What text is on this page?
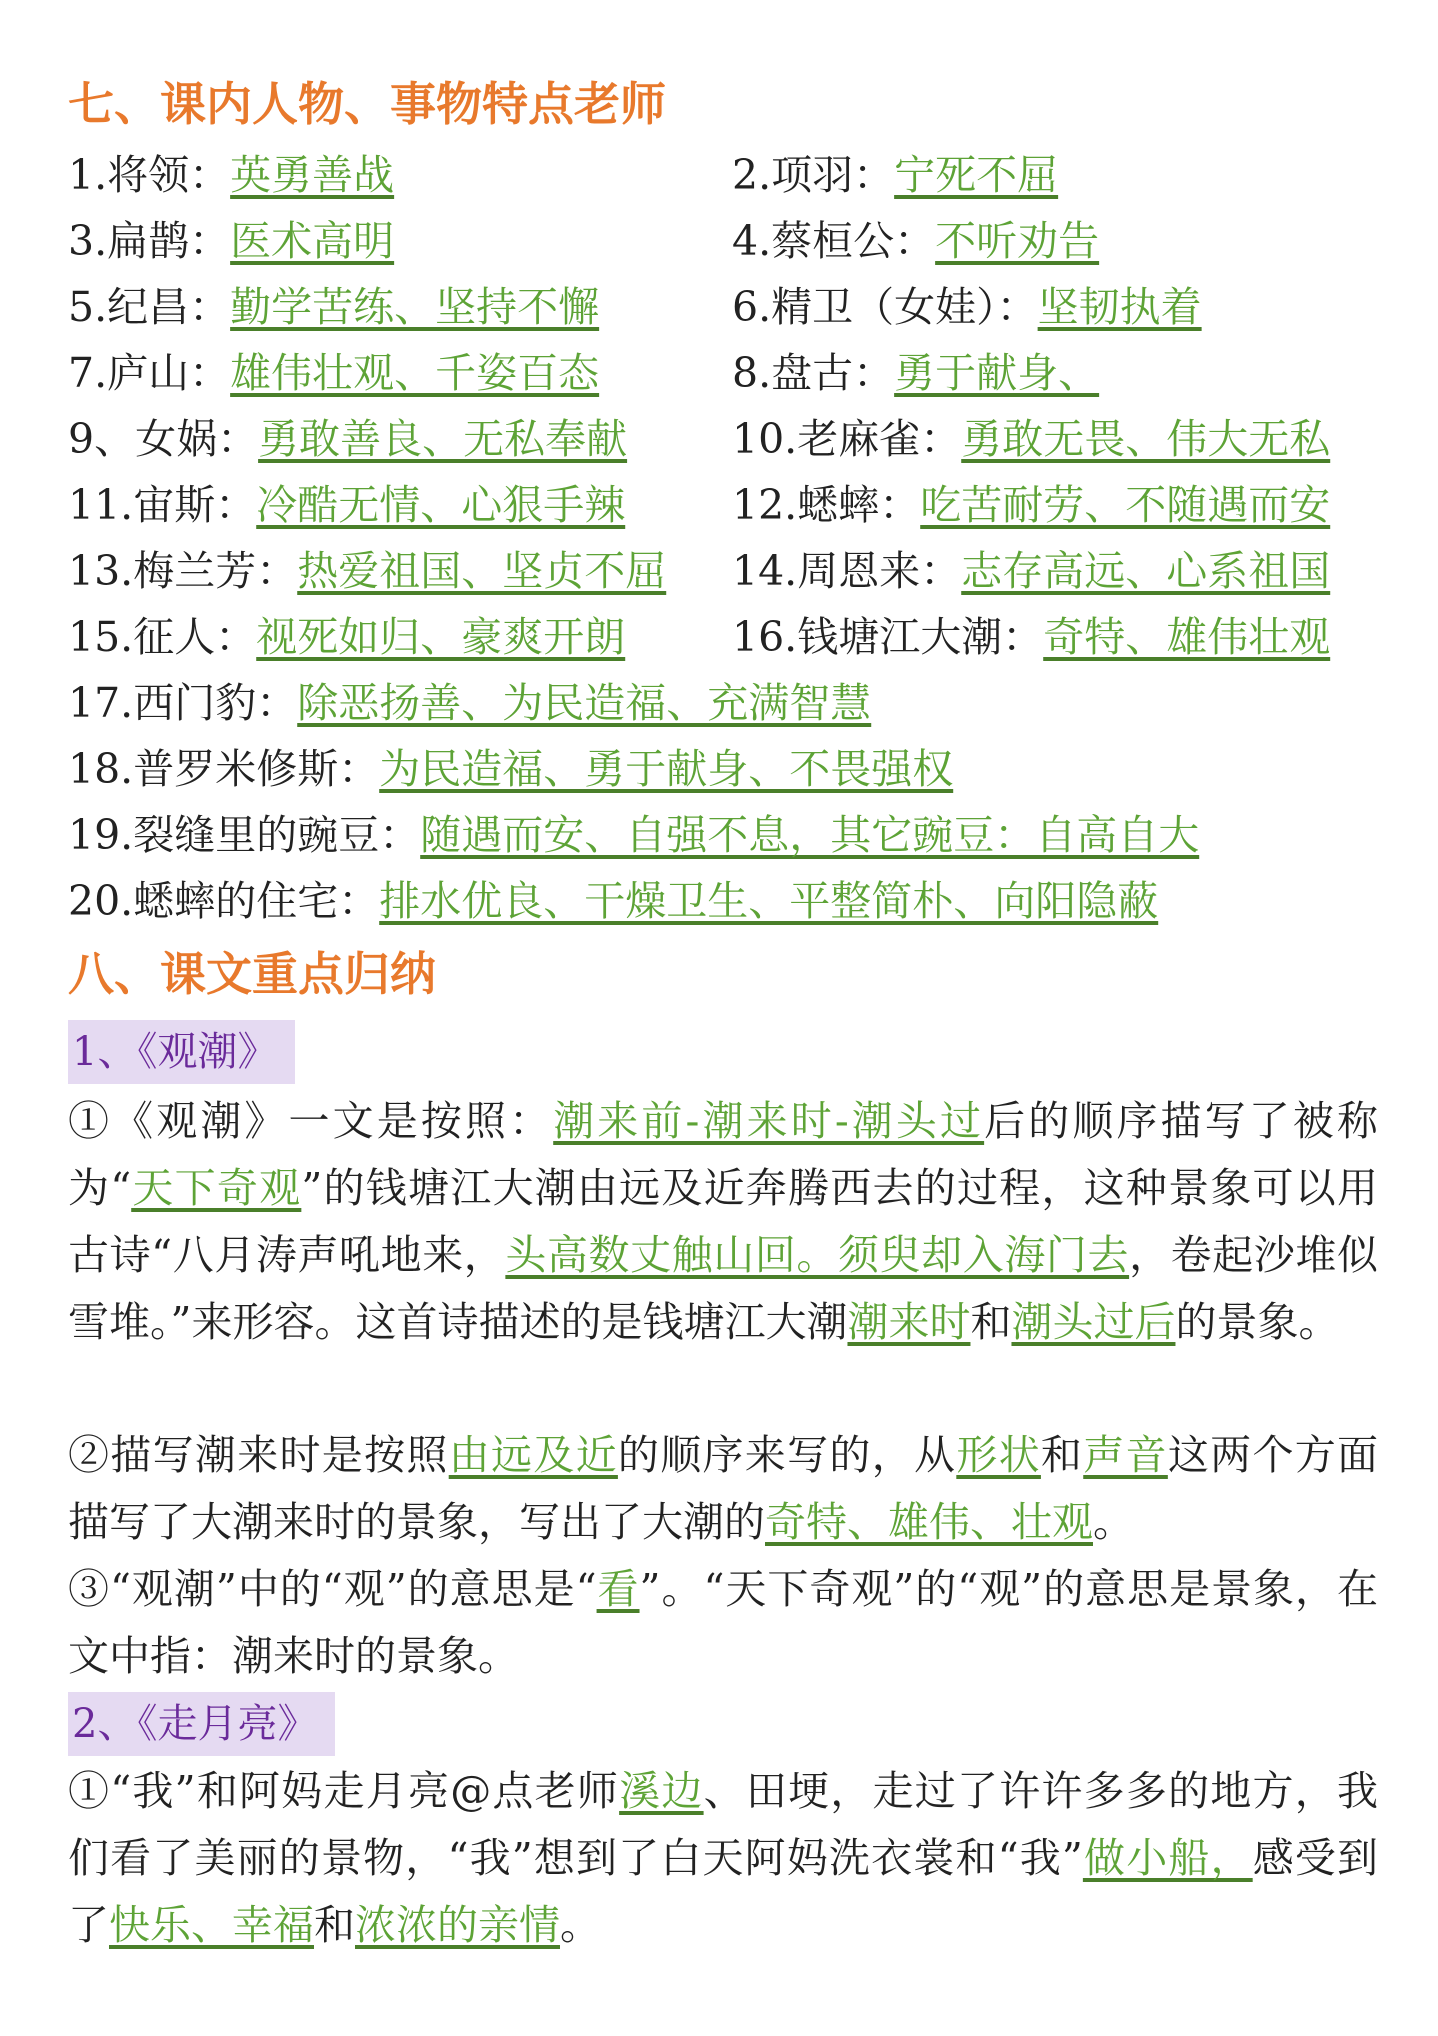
七、课内人物、事物特点老师
1.将领：英勇善战	2.项羽：宁死不屈
3.扁鹊：医术高明	4.蔡桓公：不听劝告
5.纪昌：勤学苦练、坚持不懈	6.精卫（女娃）：坚韧执着
7.庐山：雄伟壮观、千姿百态	8.盘古：勇于献身、
9、女娲：勇敢善良、无私奉献	10.老麻雀：勇敢无畏、伟大无私
11.宙斯：冷酷无情、心狠手辣	12.蟋蟀：吃苦耐劳、不随遇而安
13.梅兰芳：热爱祖国、坚贞不屈 14.周恩来：志存高远、心系祖国
15.征人：视死如归、豪爽开朗	16.钱塘江大潮：奇特、雄伟壮观
17.西门豹：除恶扬善、为民造福、充满智慧
18.普罗米修斯：为民造福、勇于献身、不畏强权
19.裂缝里的豌豆：随遇而安、自强不息，其它豌豆：自高自大
20.蟋蟀的住宅：排水优良、干燥卫生、平整简朴、向阳隐蔽
八、课文重点归纳
1、《观潮》

①《观潮》一文是按照：潮来前-潮来时-潮头过后的顺序描写了被称为“天下奇观”的钱塘江大潮由远及近奔腾西去的过程，这种景象可以用古诗“八月涛声吼地来，头高数丈触山回。须臾却入海门去，卷起沙堆似雪堆。”来形容。这首诗描述的是钱塘江大潮潮来时和潮头过后的景象。

②描写潮来时是按照由远及近的顺序来写的，从形状和声音这两个方面描写了大潮来时的景象，写出了大潮的奇特、雄伟、壮观。

③“观潮”中的“观”的意思是“看”。“天下奇观”的“观”的意思是景象，在文中指：潮来时的景象。

2、《走月亮》

①“我”和阿妈走月亮@点老师溪边、田埂，走过了许许多多的地方，我们看了美丽的景物，“我”想到了白天阿妈洗衣裳和“我”做小船，感受到了快乐、幸福和浓浓的亲情。
